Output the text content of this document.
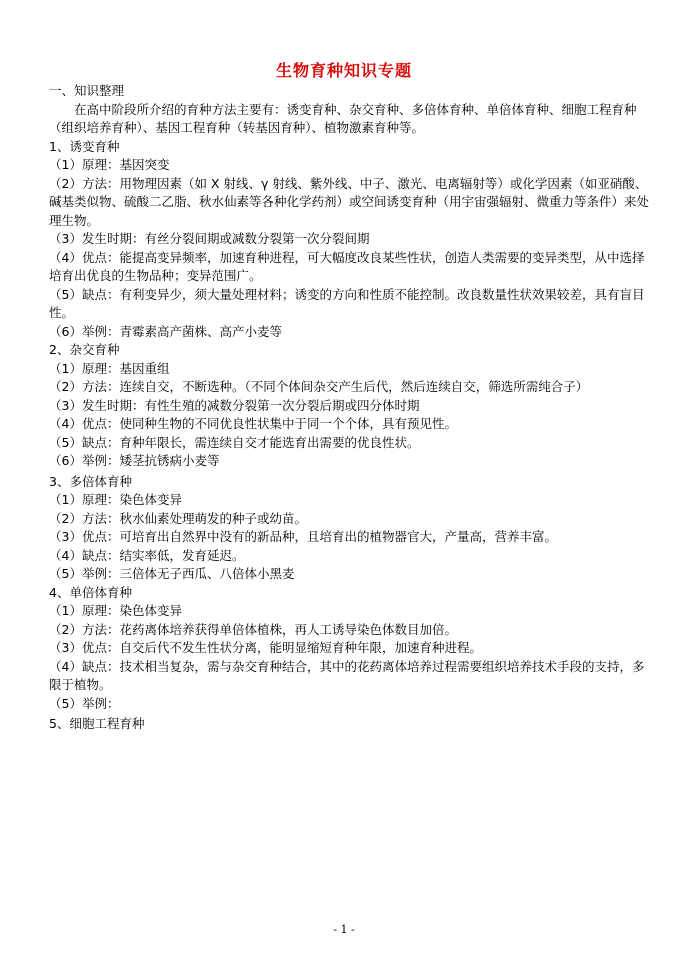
生物育种知识专题

一、知识整理

在高中阶段所介绍的育种方法主要有：诱变育种、杂交育种、多倍体育种、单倍体育种、细胞工程育种（组织培养育种）、基因工程育种（转基因育种）、植物激素育种等。

1、诱变育种

（1）原理：基因突变

（2）方法：用物理因素（如 X 射线、γ 射线、紫外线、中子、激光、电离辐射等）或化学因素（如亚硝酸、碱基类似物、硫酸二乙脂、秋水仙素等各种化学药剂）或空间诱变育种（用宇宙强辐射、微重力等条件）来处理生物。

（3）发生时期：有丝分裂间期或减数分裂第一次分裂间期

（4）优点：能提高变异频率，加速育种进程，可大幅度改良某些性状，创造人类需要的变异类型，从中选择培育出优良的生物品种；变异范围广。

（5）缺点：有利变异少，须大量处理材料；诱变的方向和性质不能控制。改良数量性状效果较差，具有盲目性。

（6）举例：青霉素高产菌株、高产小麦等

2、杂交育种

（1）原理：基因重组

（2）方法：连续自交，不断选种。（不同个体间杂交产生后代，然后连续自交，筛选所需纯合子）

（3）发生时期：有性生殖的减数分裂第一次分裂后期或四分体时期

（4）优点：使同种生物的不同优良性状集中于同一个个体，具有预见性。

（5）缺点：育种年限长，需连续自交才能选育出需要的优良性状。

（6）举例：矮茎抗锈病小麦等

3、多倍体育种

（1）原理：染色体变异

（2）方法：秋水仙素处理萌发的种子或幼苗。

（3）优点：可培育出自然界中没有的新品种，且培育出的植物器官大，产量高，营养丰富。

（4）缺点：结实率低，发育延迟。

（5）举例：三倍体无子西瓜、八倍体小黑麦

4、单倍体育种

（1）原理：染色体变异

（2）方法：花药离体培养获得单倍体植株，再人工诱导染色体数目加倍。

（3）优点：自交后代不发生性状分离，能明显缩短育种年限，加速育种进程。

（4）缺点：技术相当复杂，需与杂交育种结合，其中的花药离体培养过程需要组织培养技术手段的支持，多限于植物。

（5）举例：

5、细胞工程育种

- 1 -
